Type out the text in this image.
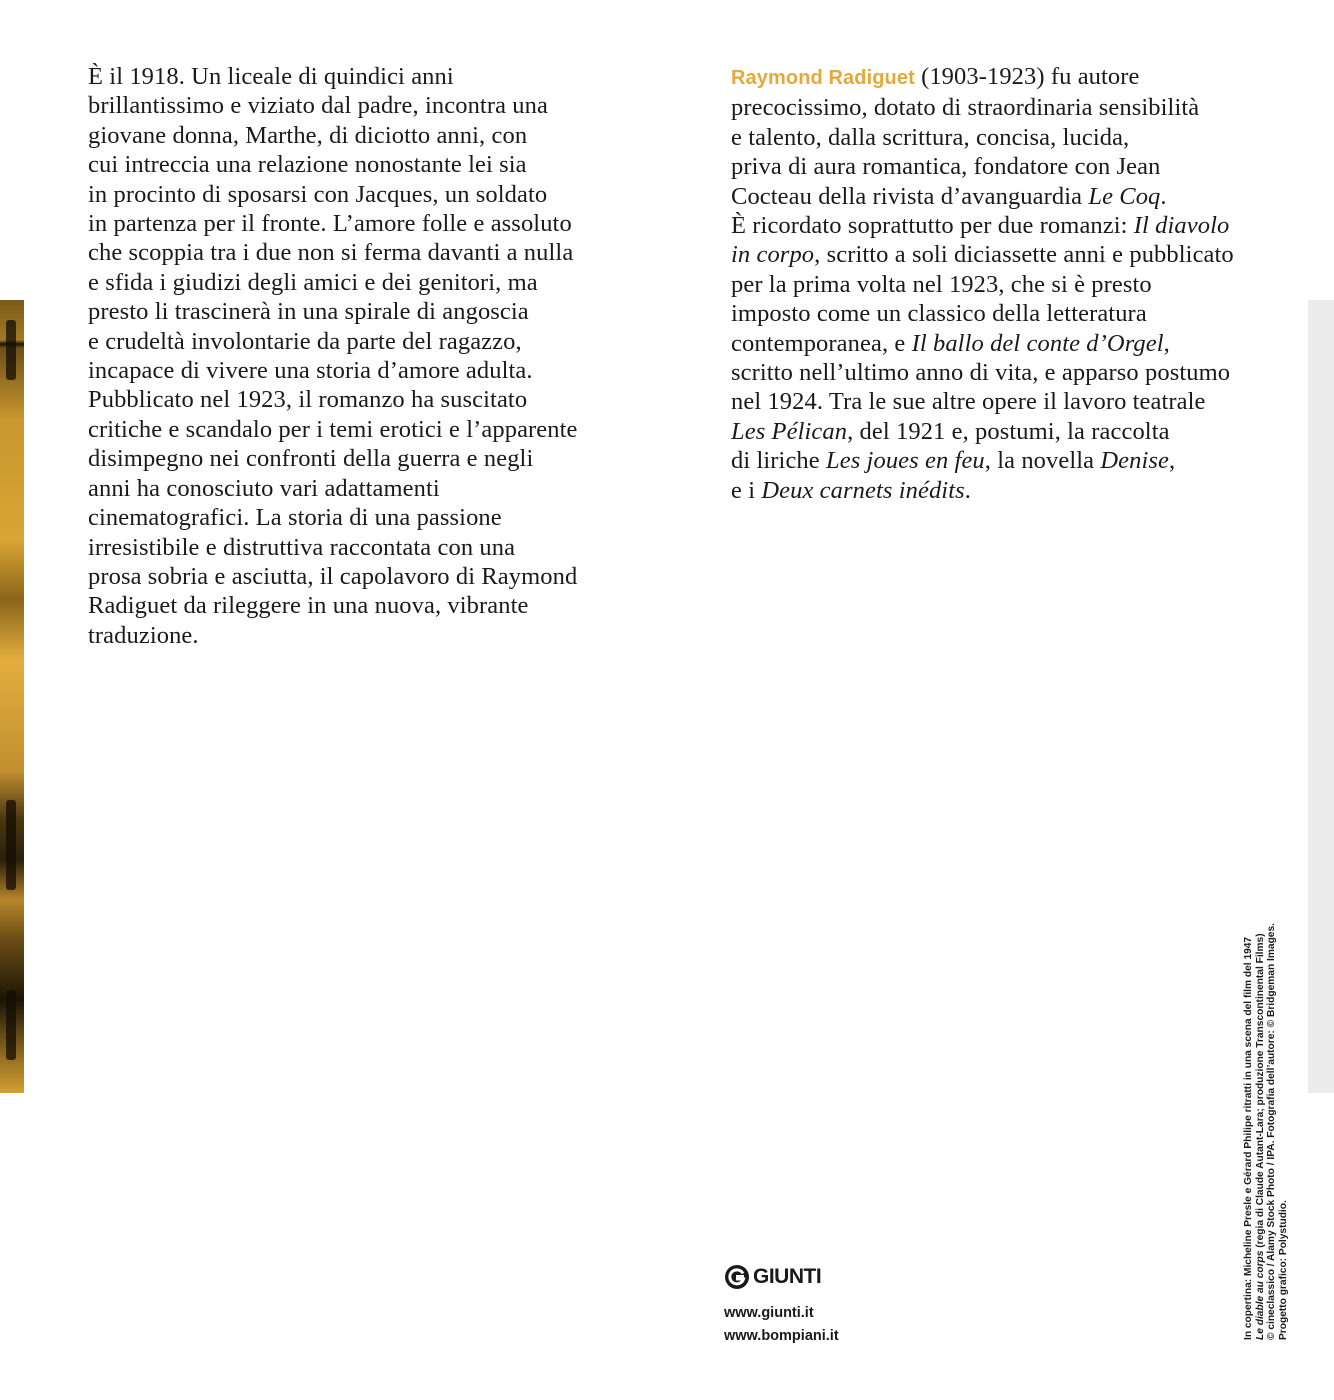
È il 1918. Un liceale di quindici anni
brillantissimo e viziato dal padre, incontra una
giovane donna, Marthe, di diciotto anni, con
cui intreccia una relazione nonostante lei sia
in procinto di sposarsi con Jacques, un soldato
in partenza per il fronte. L’amore folle e assoluto
che scoppia tra i due non si ferma davanti a nulla
e sfida i giudizi degli amici e dei genitori, ma
presto li trascinerà in una spirale di angoscia
e crudeltà involontarie da parte del ragazzo,
incapace di vivere una storia d’amore adulta.
Pubblicato nel 1923, il romanzo ha suscitato
critiche e scandalo per i temi erotici e l’apparente
disimpegno nei confronti della guerra e negli
anni ha conosciuto vari adattamenti
cinematografici. La storia di una passione
irresistibile e distruttiva raccontata con una
prosa sobria e asciutta, il capolavoro di Raymond
Radiguet da rileggere in una nuova, vibrante
traduzione.
Raymond Radiguet (1903-1923) fu autore
precocissimo, dotato di straordinaria sensibilità
e talento, dalla scrittura, concisa, lucida,
priva di aura romantica, fondatore con Jean
Cocteau della rivista d’avanguardia Le Coq.
È ricordato soprattutto per due romanzi: Il diavolo
in corpo, scritto a soli diciassette anni e pubblicato
per la prima volta nel 1923, che si è presto
imposto come un classico della letteratura
contemporanea, e Il ballo del conte d’Orgel,
scritto nell’ultimo anno di vita, e apparso postumo
nel 1924. Tra le sue altre opere il lavoro teatrale
Les Pélican, del 1921 e, postumi, la raccolta
di liriche Les joues en feu, la novella Denise,
e i Deux carnets inédits.
GIUNTI
www.giunti.it
www.bompiani.it	In copertina: Micheline Presle e Gérard Philipe ritratti in una scena del film del 1947 Le diable au corps (regia di Claude Autant-Lara; produzione Transcontinental Films) © cineclassico / Alamy Stock Photo / IPA. Fotografia dell’autore: © Bridgeman Images. Progetto grafico: Polystudio.
